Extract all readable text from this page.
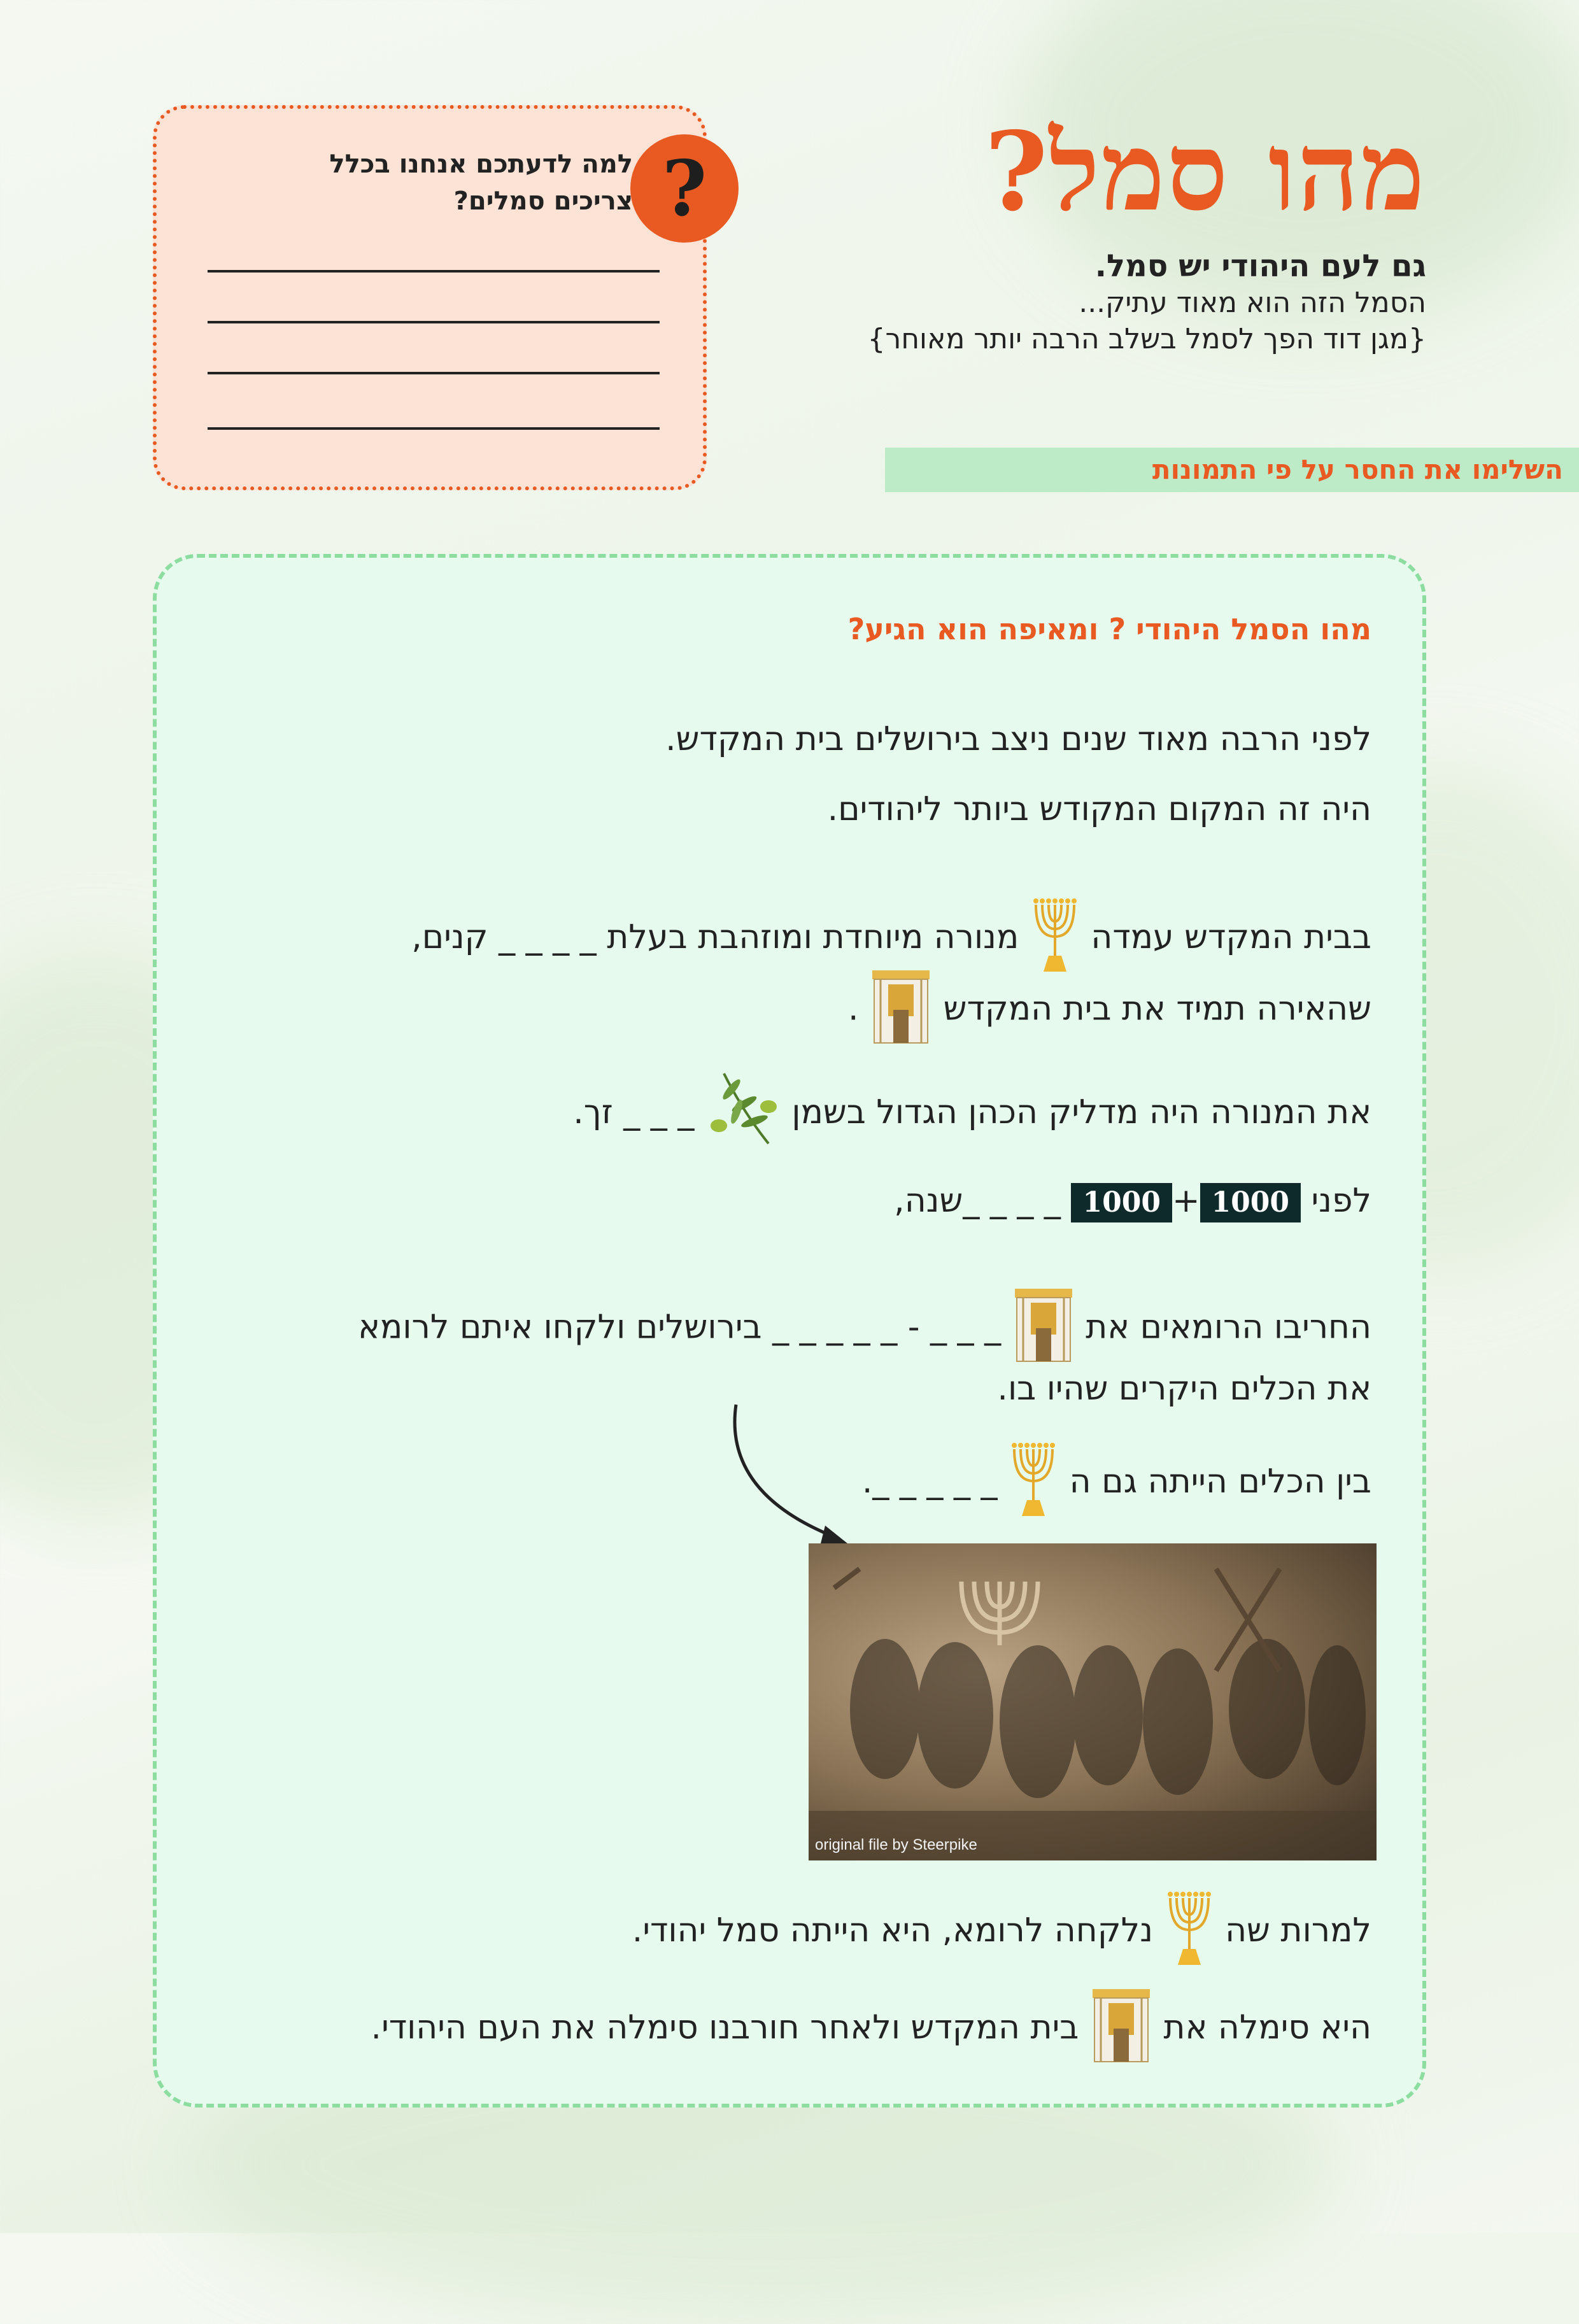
מהו סמל?
גם לעם היהודי יש סמל.
הסמל הזה הוא מאוד עתיק...
{מגן דוד הפך לסמל בשלב הרבה יותר מאוחר}
?
למה לדעתכם אנחנו בכלל צריכים סמלים?
השלימו את החסר על פי התמונות
מהו הסמל היהודי ? ומאיפה הוא הגיע?
לפני הרבה מאוד שנים ניצב בירושלים בית המקדש.
היה זה המקום המקודש ביותר ליהודים.
בבית המקדש עמדה  מנורה מיוחדת ומוזהבת בעלת _ _ _ _ קנים,
שהאירה תמיד את בית המקדש  .
את המנורה היה מדליק הכהן הגדול בשמן  _ _ _ זך.
לפני 1000+1000 _ _ _ _שנה,
החריבו הרומאים את  _ _ _ - _ _ _ _ _ בירושלים ולקחו איתם לרומא
את הכלים היקרים שהיו בו.
בין הכלים הייתה גם ה  _ _ _ _ _.
original file by Steerpike
למרות שה  נלקחה לרומא, היא הייתה סמל יהודי.
היא סימלה את  בית המקדש ולאחר חורבנו סימלה את העם היהודי.
